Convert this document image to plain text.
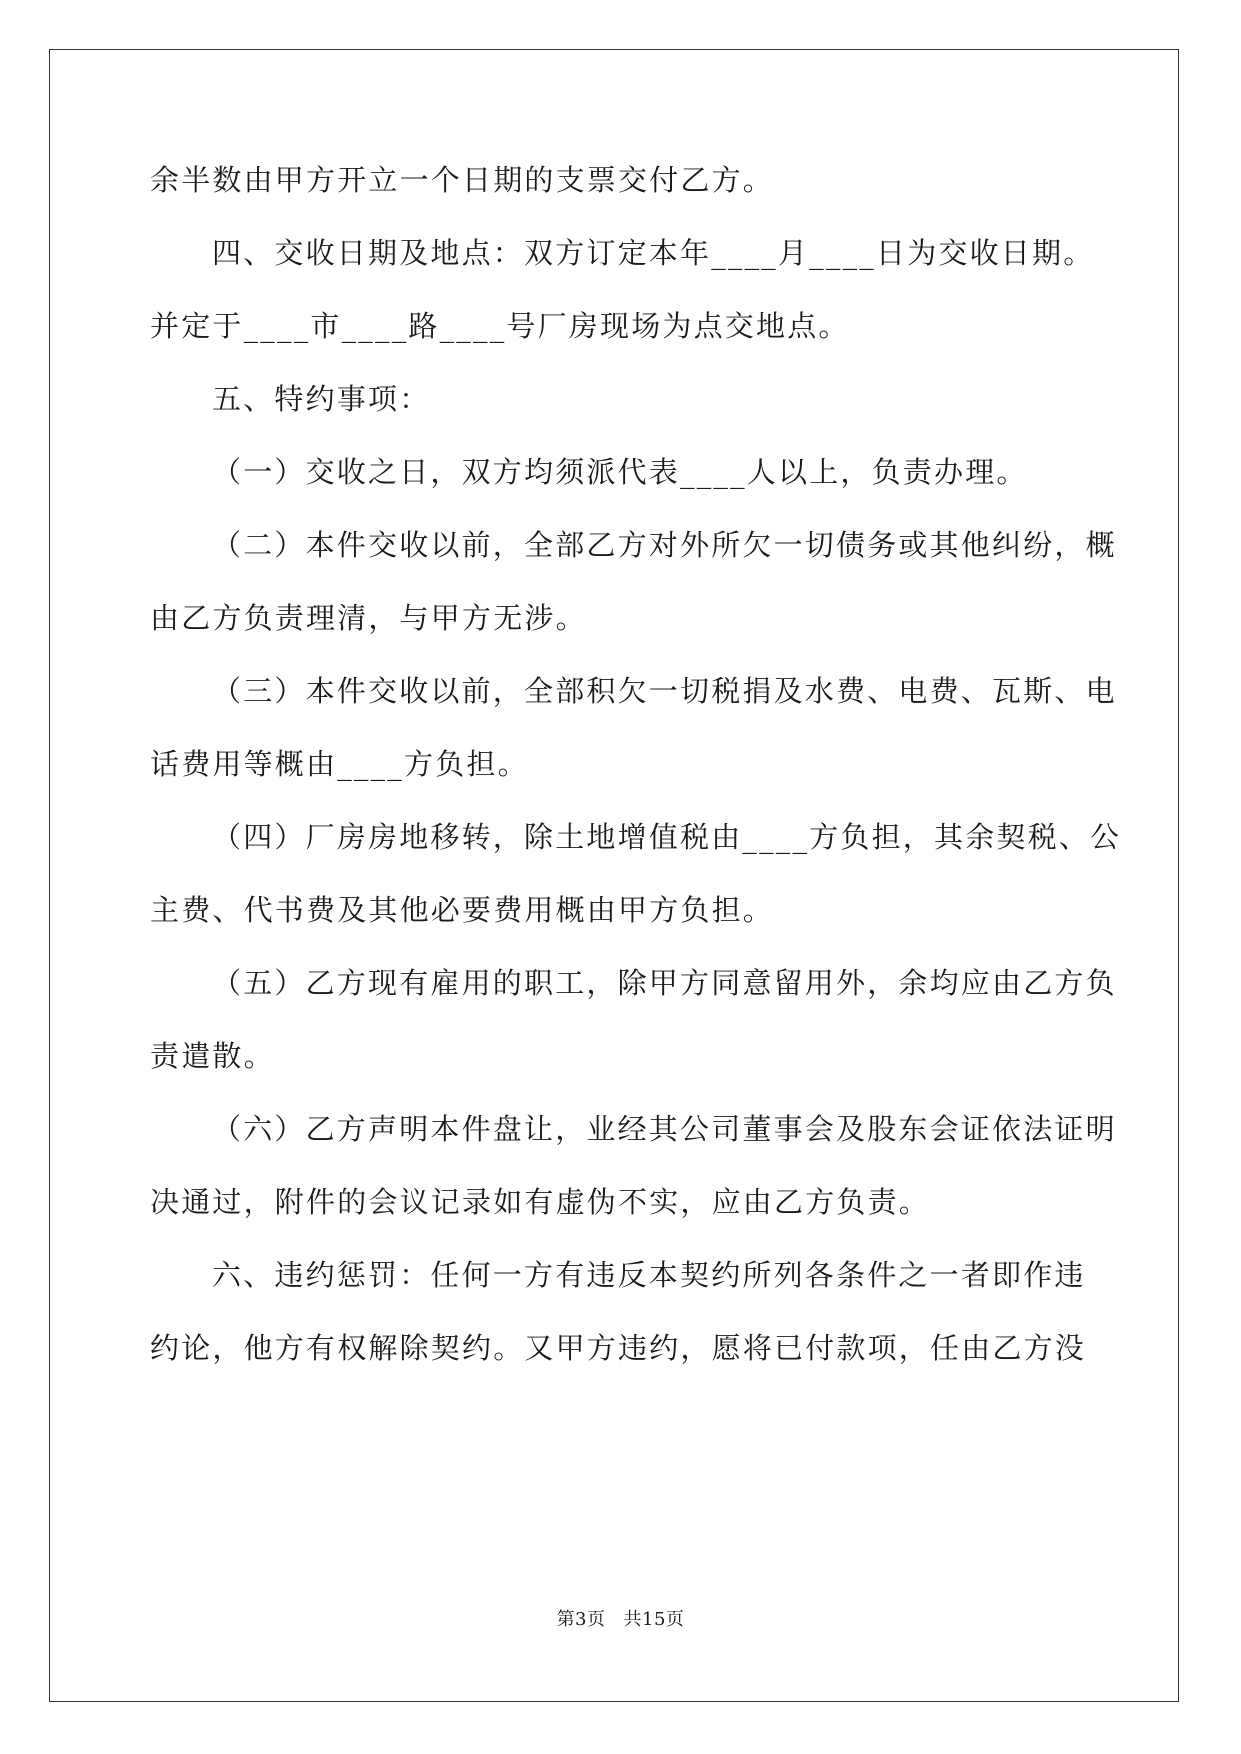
余半数由甲方开立一个日期的支票交付乙方。
四、交收日期及地点：双方订定本年____月____日为交收日期。
并定于____市____路____号厂房现场为点交地点。
五、特约事项：
（一）交收之日，双方均须派代表____人以上，负责办理。
（二）本件交收以前，全部乙方对外所欠一切债务或其他纠纷，概
由乙方负责理清，与甲方无涉。
（三）本件交收以前，全部积欠一切税捐及水费、电费、瓦斯、电
话费用等概由____方负担。
（四）厂房房地移转，除土地增值税由____方负担，其余契税、公
主费、代书费及其他必要费用概由甲方负担。
（五）乙方现有雇用的职工，除甲方同意留用外，余均应由乙方负
责遣散。
（六）乙方声明本件盘让，业经其公司董事会及股东会证依法证明
决通过，附件的会议记录如有虚伪不实，应由乙方负责。
六、违约惩罚：任何一方有违反本契约所列各条件之一者即作违
约论，他方有权解除契约。又甲方违约，愿将已付款项，任由乙方没
第3页 共15页
